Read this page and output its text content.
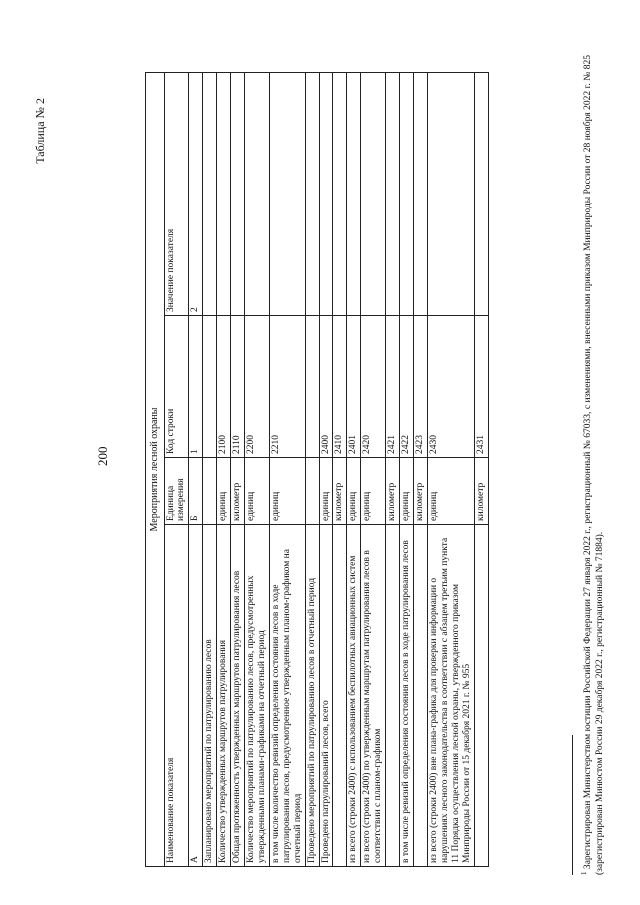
200
Таблица № 2
Мероприятия лесной охраны			
Наименование показателя	Единица измерения	Код строки	Значение показателя
А	Б	1	2
Запланировано мероприятий по патрулированию лесов			
Количество утвержденных маршрутов патрулирования	единиц	2100	
Общая протяженность утвержденных маршрутов патрулирования лесов	километр	2110	
Количество мероприятий по патрулированию лесов, предусмотренных утвержденными планами-графиками на отчетный период	единиц	2200	
в том числе количество ревизий определения состояния лесов в ходе патрулирования лесов, предусмотренное утвержденным планом-графиком на отчетный период	единиц	2210	
Проведено мероприятий по патрулированию лесов в отчетный период			
Проведено патрулирований лесов, всего	единиц	2400	
	километр	2410	
из всего (строки 2400) с использованием беспилотных авиационных систем	единиц	2401	
из всего (строки 2400) по утвержденным маршрутам патрулирования лесов в соответствии с планом-графиком	единиц	2420	
	километр	2421	
в том числе ревизий определения состояния лесов в ходе патрулирования лесов	единиц	2422	
	километр	2423	
из всего (строки 2400) вне плана-графика для проверки информации о нарушениях лесного законодательства в соответствии с абзацем третьим пункта 11 Порядка осуществления лесной охраны, утвержденного приказом Минприроды России от 15 декабря 2021 г. № 955	единиц	2430	
	километр	2431	
$^1$ Зарегистрирован Министерством юстиции Российской Федерации 27 января 2022 г., регистрационный № 67033, с изменениями, внесенными приказом Минприроды России от 28 ноября 2022 г. № 825 (зарегистрирован Минюстом России 29 декабря 2022 г., регистрационный № 71884).
